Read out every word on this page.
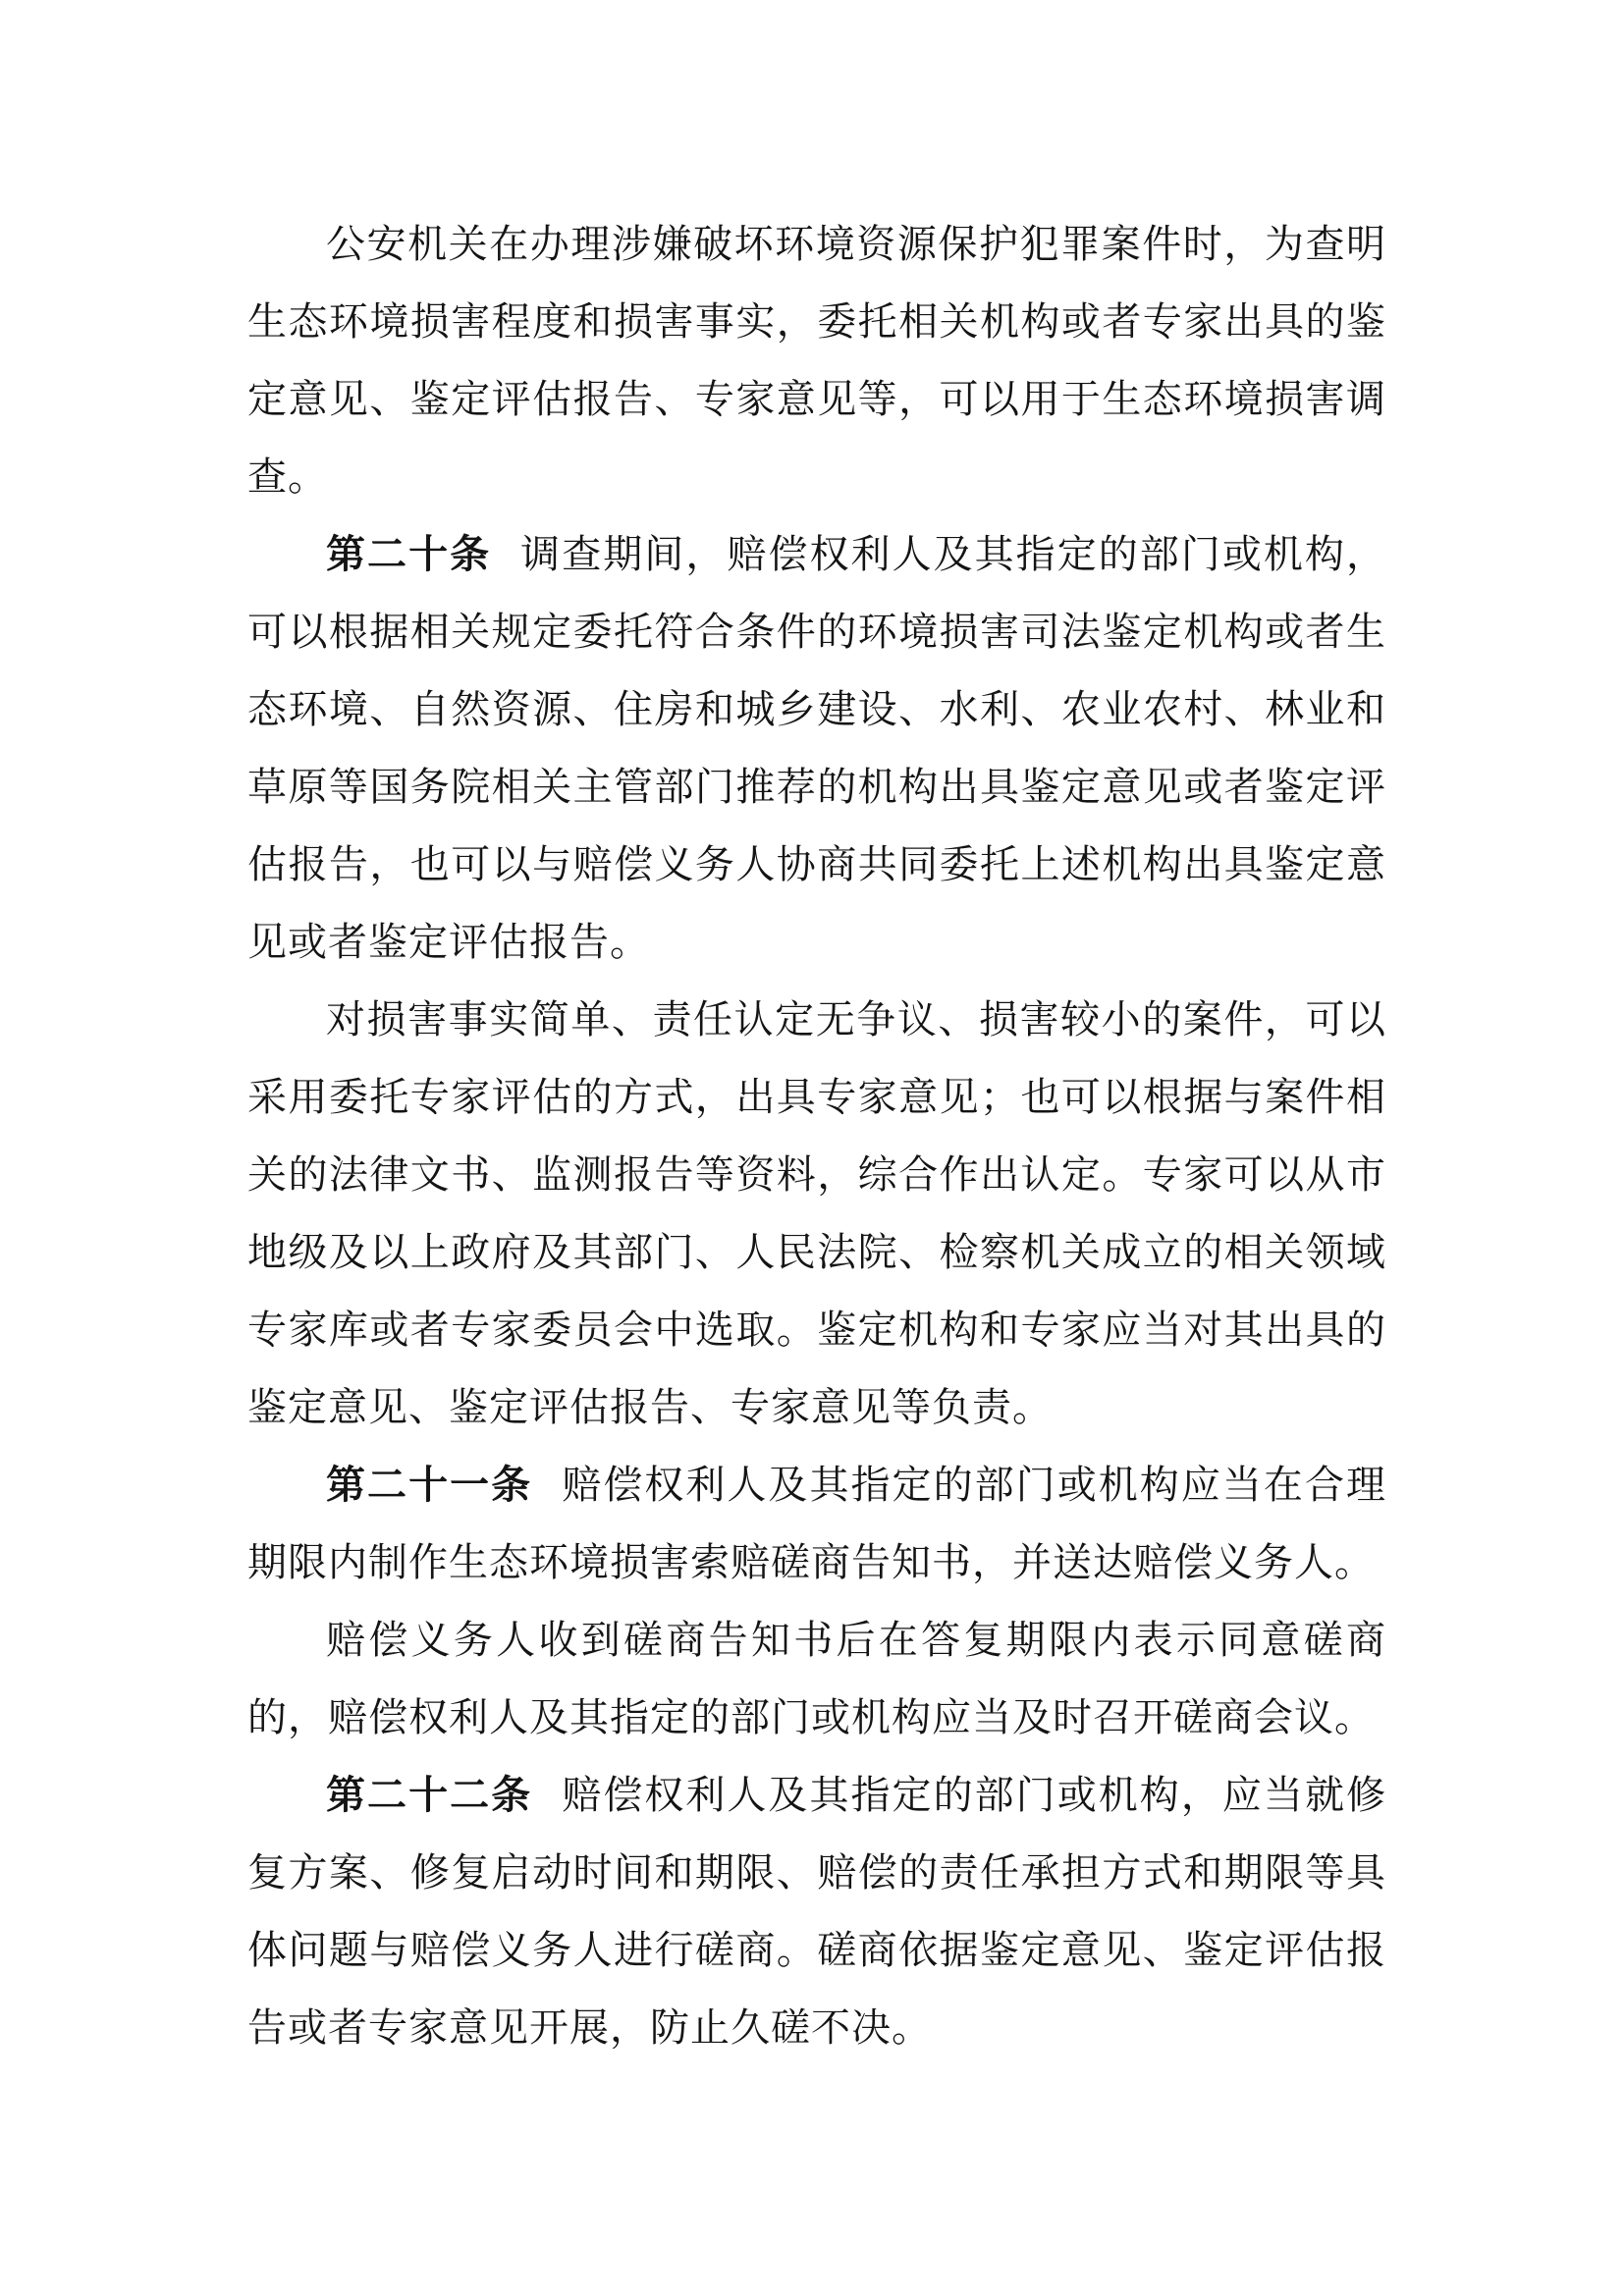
公安机关在办理涉嫌破坏环境资源保护犯罪案件时，为查明生态环境损害程度和损害事实，委托相关机构或者专家出具的鉴定意见、鉴定评估报告、专家意见等，可以用于生态环境损害调查。

第二十条 调查期间，赔偿权利人及其指定的部门或机构，可以根据相关规定委托符合条件的环境损害司法鉴定机构或者生态环境、自然资源、住房和城乡建设、水利、农业农村、林业和草原等国务院相关主管部门推荐的机构出具鉴定意见或者鉴定评估报告，也可以与赔偿义务人协商共同委托上述机构出具鉴定意见或者鉴定评估报告。

对损害事实简单、责任认定无争议、损害较小的案件，可以采用委托专家评估的方式，出具专家意见；也可以根据与案件相关的法律文书、监测报告等资料，综合作出认定。专家可以从市地级及以上政府及其部门、人民法院、检察机关成立的相关领域专家库或者专家委员会中选取。鉴定机构和专家应当对其出具的鉴定意见、鉴定评估报告、专家意见等负责。

第二十一条 赔偿权利人及其指定的部门或机构应当在合理期限内制作生态环境损害索赔磋商告知书，并送达赔偿义务人。

赔偿义务人收到磋商告知书后在答复期限内表示同意磋商的，赔偿权利人及其指定的部门或机构应当及时召开磋商会议。

第二十二条 赔偿权利人及其指定的部门或机构，应当就修复方案、修复启动时间和期限、赔偿的责任承担方式和期限等具体问题与赔偿义务人进行磋商。磋商依据鉴定意见、鉴定评估报告或者专家意见开展，防止久磋不决。
